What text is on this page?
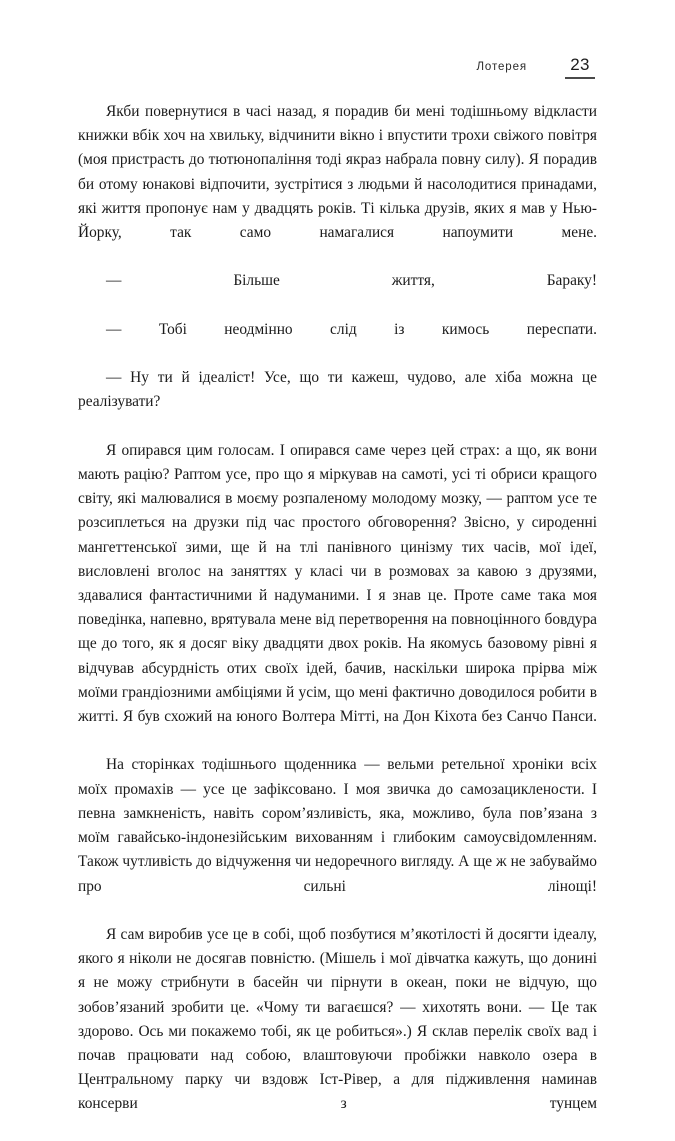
Лотерея	23

Якби повернутися в часі назад, я порадив би мені тодішньому відкласти книжки вбік хоч на хвильку, відчинити вікно і впустити трохи свіжого повітря (моя пристрасть до тютюнопаління тоді якраз набрала повну силу). Я порадив би отому юнакові відпочити, зустрітися з людьми й насолодитися принадами, які життя пропонує нам у двадцять років. Ті кілька друзів, яких я мав у Нью-Йорку, так само намагалися напоумити мене.

— Більше життя, Бараку!

— Тобі неодмінно слід із кимось переспати.

— Ну ти й ідеаліст! Усе, що ти кажеш, чудово, але хіба можна це реалізувати?

Я опирався цим голосам. І опирався саме через цей страх: а що, як вони мають рацію? Раптом усе, про що я міркував на самоті, усі ті обриси кращого світу, які малювалися в моєму розпаленому молодому мозку, — раптом усе те розсиплеться на друзки під час простого обговорення? Звісно, у сироденні мангеттенської зими, ще й на тлі панівного цинізму тих часів, мої ідеї, висловлені вголос на заняттях у класі чи в розмовах за кавою з друзями, здавалися фантастичними й надуманими. І я знав це. Проте саме така моя поведінка, напевно, врятувала мене від перетворення на повноцінного бовдура ще до того, як я досяг віку двадцяти двох років. На якомусь базовому рівні я відчував абсурдність отих своїх ідей, бачив, наскільки широка прірва між моїми грандіозними амбіціями й усім, що мені фактично доводилося робити в житті. Я був схожий на юного Волтера Мітті, на Дон Кіхота без Санчо Панси.

На сторінках тодішнього щоденника — вельми ретельної хроніки всіх моїх промахів — усе це зафіксовано. І моя звичка до самозациклености. І певна замкненість, навіть сором’язливість, яка, можливо, була пов’язана з моїм гавайсько-індонезійським вихованням і глибоким самоусвідомленням. Також чутливість до відчуження чи недоречного вигляду. А ще ж не забуваймо про сильні лінощі!

Я сам виробив усе це в собі, щоб позбутися м’якотілості й досягти ідеалу, якого я ніколи не досягав повністю. (Мішель і мої дівчатка кажуть, що донині я не можу стрибнути в басейн чи пірнути в океан, поки не відчую, що зобов’язаний зробити це. «Чому ти вагаєшся? — хихотять вони. — Це так здорово. Ось ми покажемо тобі, як це робиться».) Я склав перелік своїх вад і почав працювати над собою, влаштовуючи пробіжки навколо озера в Центральному парку чи вздовж Іст-Рівер, а для підживлення наминав консерви з тунцем
